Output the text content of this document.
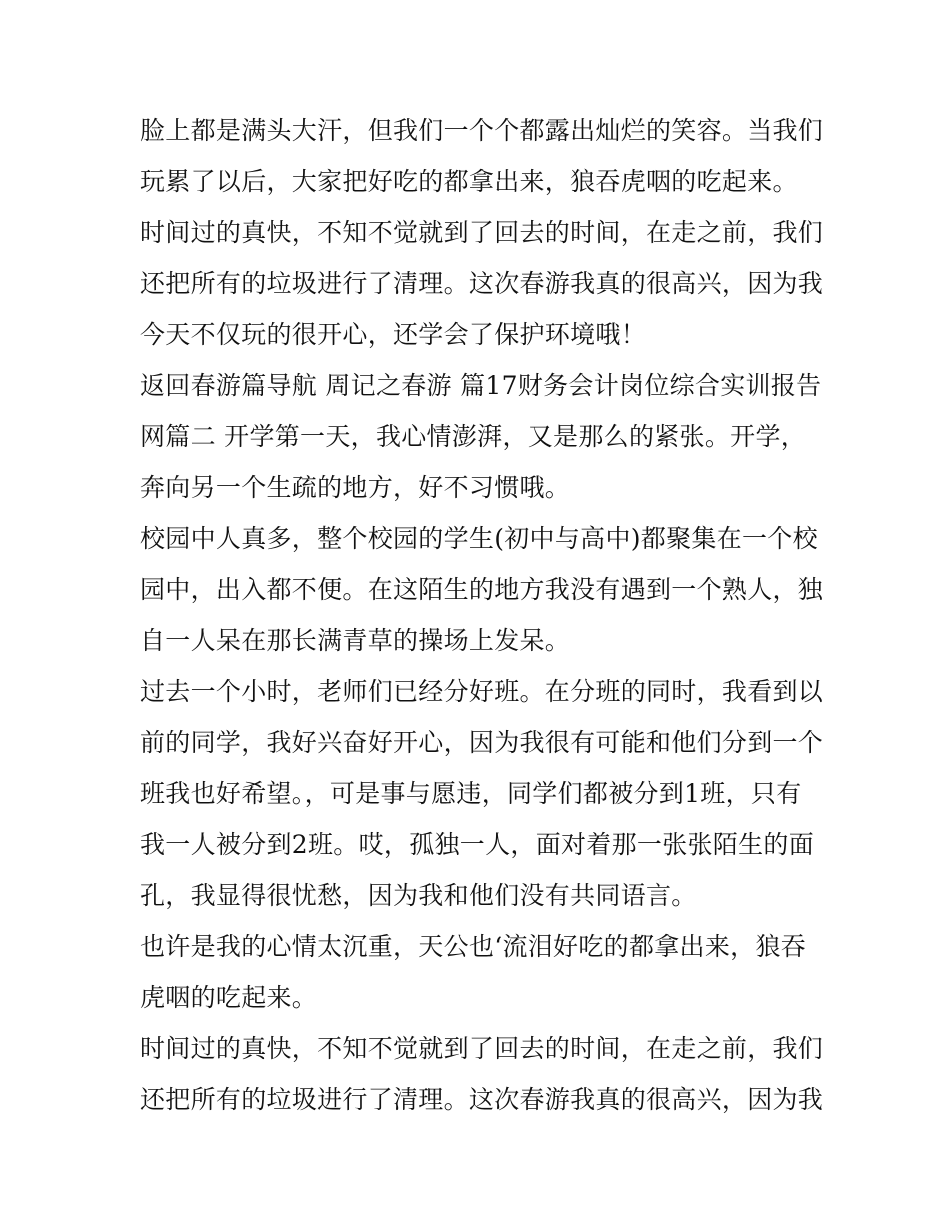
脸上都是满头大汗，但我们一个个都露出灿烂的笑容。当我们
玩累了以后，大家把好吃的都拿出来，狼吞虎咽的吃起来。
时间过的真快，不知不觉就到了回去的时间，在走之前，我们
还把所有的垃圾进行了清理。这次春游我真的很高兴，因为我
今天不仅玩的很开心，还学会了保护环境哦！
返回春游篇导航 周记之春游 篇17财务会计岗位综合实训报告
网篇二 开学第一天，我心情澎湃，又是那么的紧张。开学，
奔向另一个生疏的地方，好不习惯哦。
校园中人真多，整个校园的学生(初中与高中)都聚集在一个校
园中，出入都不便。在这陌生的地方我没有遇到一个熟人，独
自一人呆在那长满青草的操场上发呆。
过去一个小时，老师们已经分好班。在分班的同时，我看到以
前的同学，我好兴奋好开心，因为我很有可能和他们分到一个
班我也好希望。，可是事与愿违，同学们都被分到1班，只有
我一人被分到2班。哎，孤独一人，面对着那一张张陌生的面
孔，我显得很忧愁，因为我和他们没有共同语言。
也许是我的心情太沉重，天公也‘流泪好吃的都拿出来，狼吞
虎咽的吃起来。
时间过的真快，不知不觉就到了回去的时间，在走之前，我们
还把所有的垃圾进行了清理。这次春游我真的很高兴，因为我
